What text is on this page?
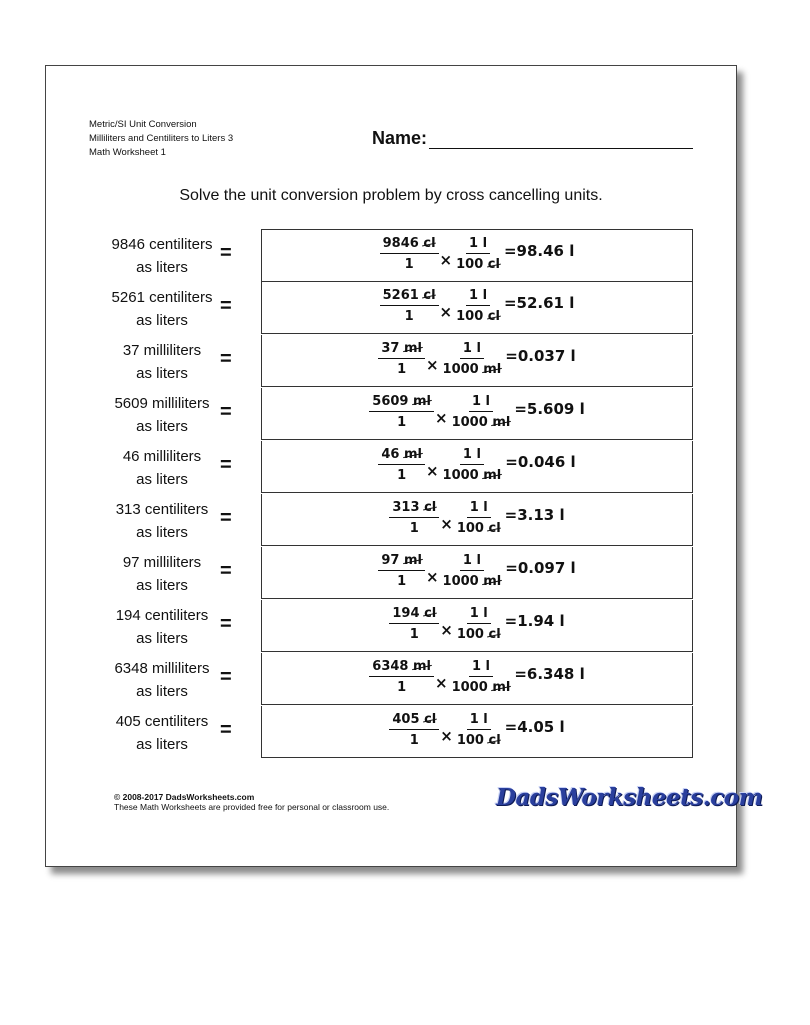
Metric/SI Unit Conversion
Milliliters and Centiliters to Liters 3
Math Worksheet 1
Name:
Solve the unit conversion problem by cross cancelling units.
9846 centiliters
as liters
=	$\frac{9846 cl}{1} \times \frac{1 l}{100 cl} =98.46$ l
5261 centiliters
as liters
=	$\frac{5261 cl}{1} \times \frac{1 l}{100 cl} =52.61$ l
37 milliliters
as liters
=	$\frac{37 ml}{1} \times \frac{1 l}{1000 ml} =0.037$ l
5609 milliliters
as liters
=	$\frac{5609 ml}{1} \times \frac{1 l}{1000 ml} =5.609$ l
46 milliliters
as liters
=	$\frac{46 ml}{1} \times \frac{1 l}{1000 ml} =0.046$ l
313 centiliters
as liters
=	$\frac{313 cl}{1} \times \frac{1 l}{100 cl} =3.13$ l
97 milliliters
as liters
=	$\frac{97 ml}{1} \times \frac{1 l}{1000 ml} =0.097$ l
194 centiliters
as liters
=	$\frac{194 cl}{1} \times \frac{1 l}{100 cl} =1.94$ l
6348 milliliters
as liters
=	$\frac{6348 ml}{1} \times \frac{1 l}{1000 ml} =6.348$ l
405 centiliters
as liters
=	$\frac{405 cl}{1} \times \frac{1 l}{100 cl} =4.05$ l
© 2008-2017 DadsWorksheets.com
These Math Worksheets are provided free for personal or classroom use.	DadsWorksheets.com
